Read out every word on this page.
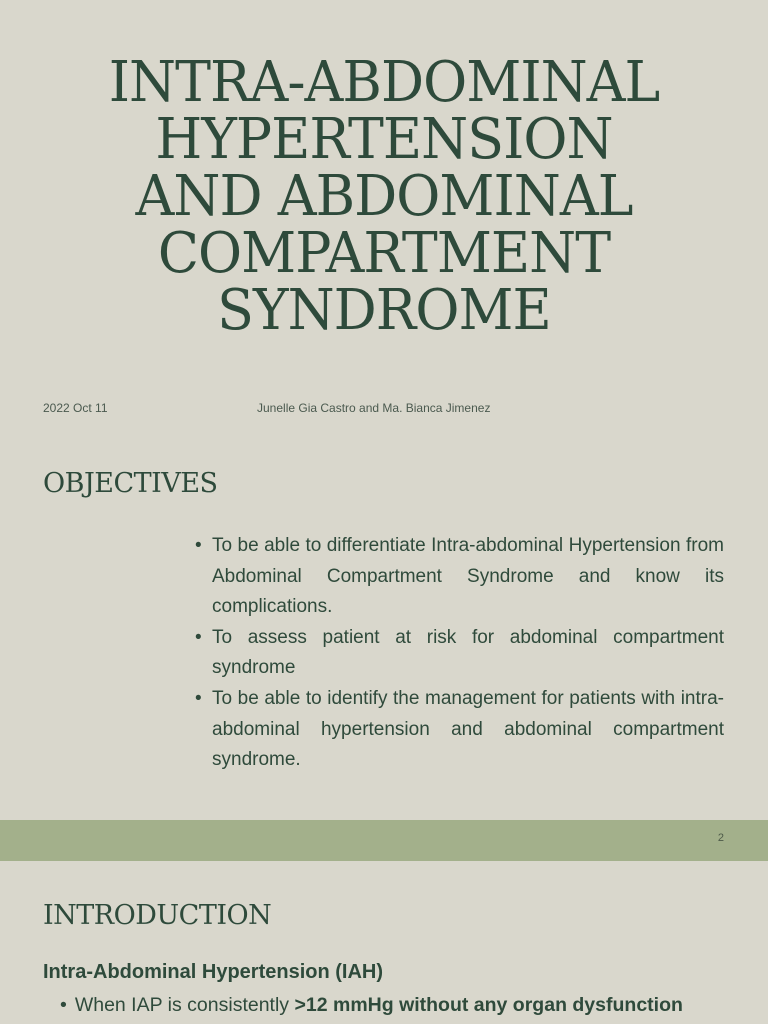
INTRA-ABDOMINAL
HYPERTENSION
AND ABDOMINAL
COMPARTMENT
SYNDROME
2022 Oct 11	Junelle Gia Castro and Ma. Bianca Jimenez
OBJECTIVES
• To be able to differentiate Intra-abdominal Hypertension from Abdominal Compartment Syndrome and know its complications.
• To assess patient at risk for abdominal compartment syndrome
• To be able to identify the management for patients with intra-abdominal hypertension and abdominal compartment syndrome.
2
INTRODUCTION
Intra-Abdominal Hypertension (IAH)
• When IAP is consistently >12 mmHg without any organ dysfunction
